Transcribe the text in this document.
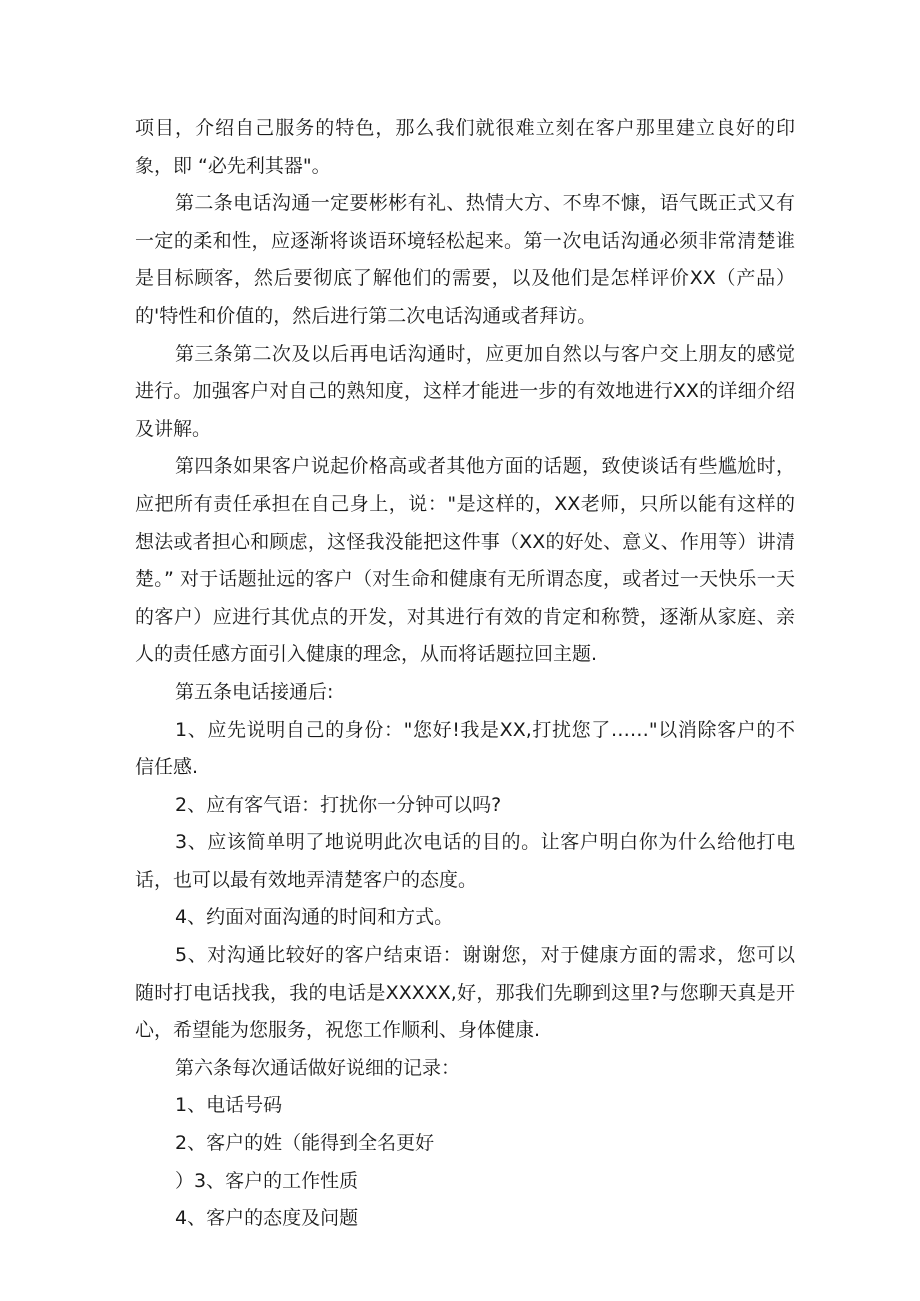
项目，介绍自己服务的特色，那么我们就很难立刻在客户那里建立良好的印象，即 “必先利其器"。

第二条电话沟通一定要彬彬有礼、热情大方、不卑不慷，语气既正式又有一定的柔和性，应逐渐将谈语环境轻松起来。第一次电话沟通必须非常清楚谁是目标顾客，然后要彻底了解他们的需要，以及他们是怎样评价XX（产品）的'特性和价值的，然后进行第二次电话沟通或者拜访。

第三条第二次及以后再电话沟通时，应更加自然以与客户交上朋友的感觉进行。加强客户对自己的熟知度，这样才能进一步的有效地进行XX的详细介绍及讲解。

第四条如果客户说起价格高或者其他方面的话题，致使谈话有些尴尬时，应把所有责任承担在自己身上，说："是这样的，XX老师，只所以能有这样的想法或者担心和顾虑，这怪我没能把这件事（XX的好处、意义、作用等）讲清楚。” 对于话题扯远的客户（对生命和健康有无所谓态度，或者过一天快乐一天的客户）应进行其优点的开发，对其进行有效的肯定和称赞，逐渐从家庭、亲人的责任感方面引入健康的理念，从而将话题拉回主题.

第五条电话接通后:

1、应先说明自己的身份："您好!我是XX,打扰您了……"以消除客户的不信任感.

2、应有客气语：打扰你一分钟可以吗?

3、应该简单明了地说明此次电话的目的。让客户明白你为什么给他打电话，也可以最有效地弄清楚客户的态度。

4、约面对面沟通的时间和方式。

5、对沟通比较好的客户结束语：谢谢您，对于健康方面的需求，您可以随时打电话找我，我的电话是XXXXX,好，那我们先聊到这里?与您聊天真是开心，希望能为您服务，祝您工作顺利、身体健康.

第六条每次通话做好说细的记录：

1、电话号码

2、客户的姓（能得到全名更好

）3、客户的工作性质

4、客户的态度及问题
